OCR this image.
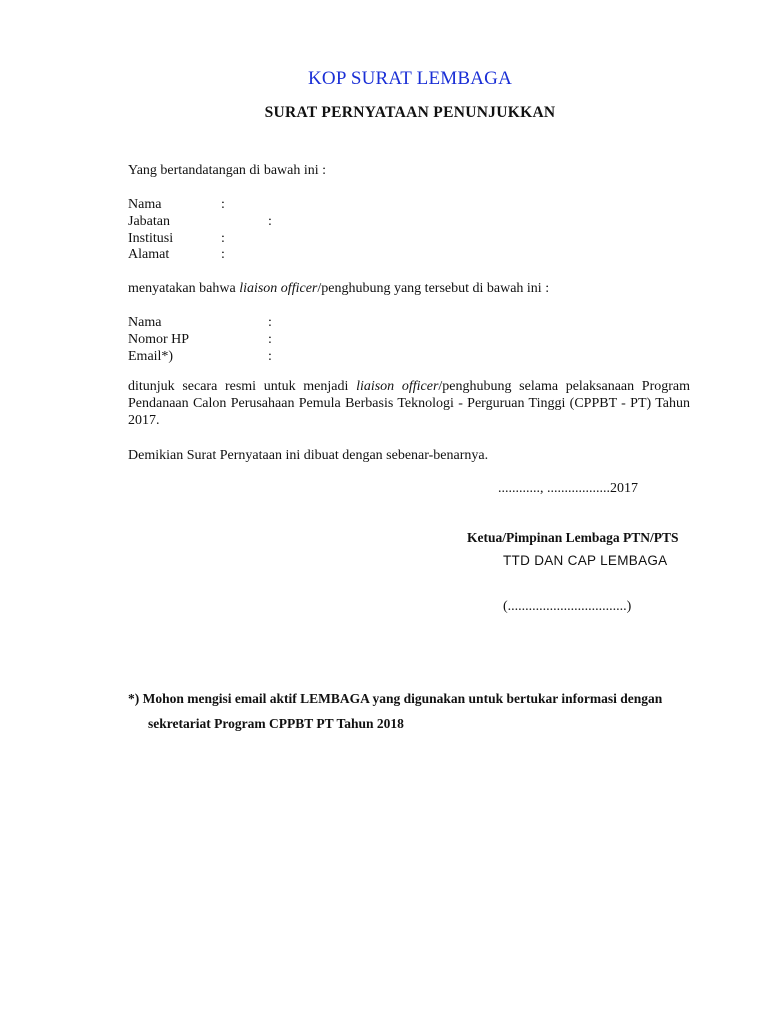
KOP SURAT LEMBAGA
SURAT PERNYATAAN PENUNJUKKAN
Yang bertandatangan di bawah ini :
Nama	:
Jabatan	:
Institusi	:
Alamat	:
menyatakan bahwa liaison officer/penghubung yang tersebut di bawah ini :
Nama	:
Nomor HP	:
Email*)	:
ditunjuk secara resmi untuk menjadi liaison officer/penghubung selama pelaksanaan Program Pendanaan Calon Perusahaan Pemula Berbasis Teknologi - Perguruan Tinggi (CPPBT - PT) Tahun 2017.
Demikian Surat Pernyataan ini dibuat dengan sebenar-benarnya.
............, ..................2017
Ketua/Pimpinan Lembaga PTN/PTS
TTD DAN CAP LEMBAGA
(..................................)
*) Mohon mengisi email aktif LEMBAGA yang digunakan untuk bertukar informasi dengan
sekretariat Program CPPBT PT Tahun 2018
